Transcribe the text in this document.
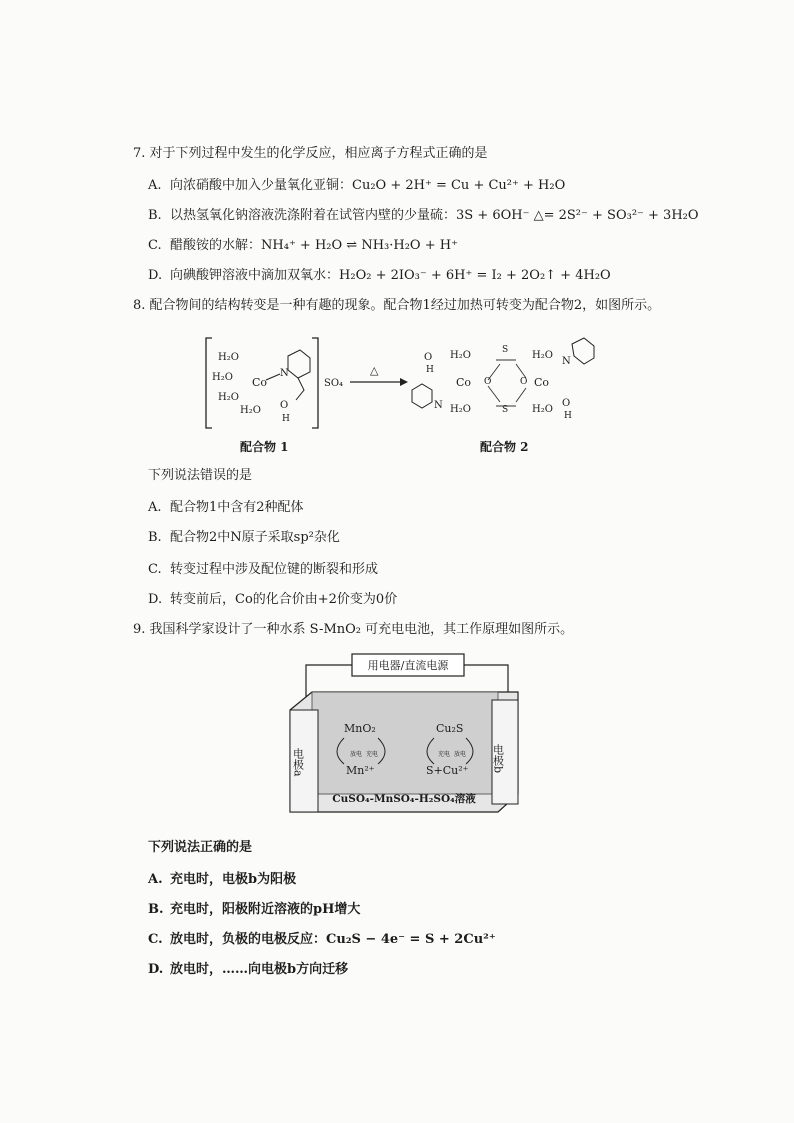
7. 对于下列过程中发生的化学反应，相应离子方程式正确的是
A. 向浓硝酸中加入少量氧化亚铜：Cu₂O + 2H⁺ = Cu + Cu²⁺ + H₂O
B. 以热氢氧化钠溶液洗涤附着在试管内壁的少量硫：3S + 6OH⁻ △= 2S²⁻ + SO₃²⁻ + 3H₂O
C. 醋酸铵的水解：NH₄⁺ + H₂O ⇌ NH₃·H₂O + H⁺
D. 向碘酸钾溶液中滴加双氧水：H₂O₂ + 2IO₃⁻ + 6H⁺ = I₂ + 2O₂↑ + 4H₂O
8. 配合物间的结构转变是一种有趣的现象。配合物1经过加热可转变为配合物2，如图所示。
H₂O
H₂O
H₂O
H₂O
Co
N
O
H
SO₄
△
O
H
N
H₂O
H₂O
Co O
S
S
O Co
H₂O
H₂O
N
O
H
配合物 1	配合物 2
下列说法错误的是
A. 配合物1中含有2种配体
B. 配合物2中N原子采取sp²杂化
C. 转变过程中涉及配位键的断裂和形成
D. 转变前后，Co的化合价由+2价变为0价
9. 我国科学家设计了一种水系 S-MnO₂ 可充电电池，其工作原理如图所示。
用电器/直流电源
电极a	电极b
MnO₂
Mn²⁺
放电 充电
Cu₂S
S+Cu²⁺
充电 放电
CuSO₄-MnSO₄-H₂SO₄溶液
下列说法正确的是
A. 充电时，电极b为阳极
B. 充电时，阳极附近溶液的pH增大
C. 放电时，负极的电极反应：Cu₂S − 4e⁻ = S + 2Cu²⁺
D. 放电时，……向电极b方向迁移
